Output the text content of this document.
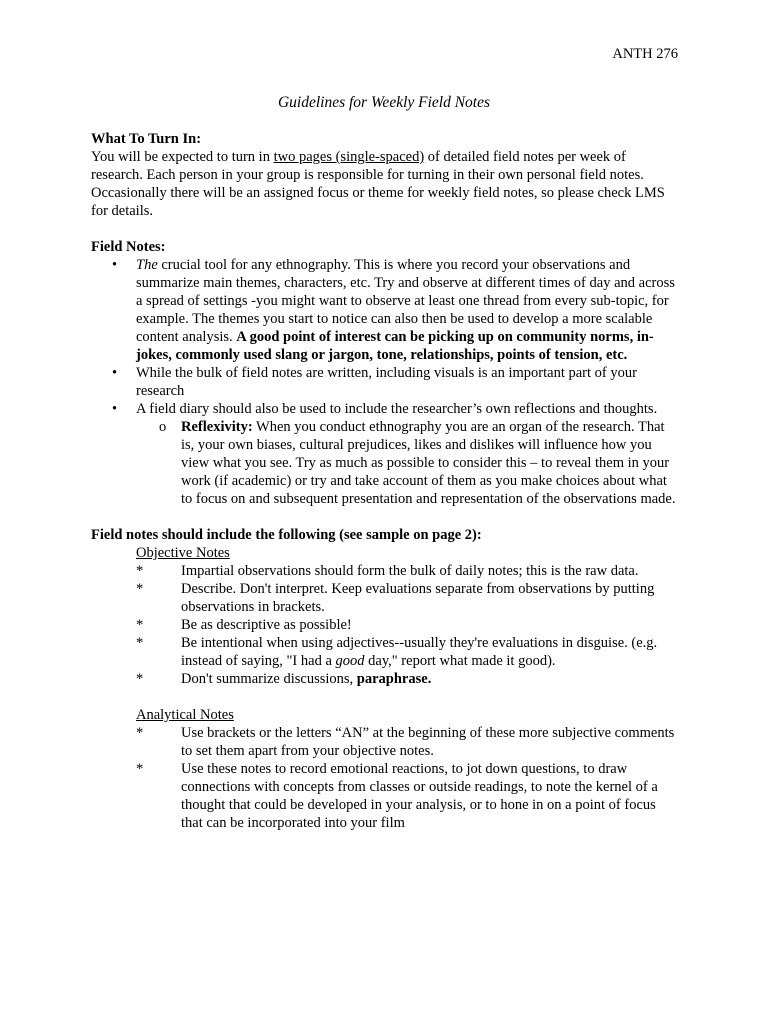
ANTH 276
Guidelines for Weekly Field Notes

What To Turn In:

You will be expected to turn in two pages (single-spaced) of detailed field notes per week of research. Each person in your group is responsible for turning in their own personal field notes. Occasionally there will be an assigned focus or theme for weekly field notes, so please check LMS for details.

Field Notes:

• The crucial tool for any ethnography. This is where you record your observations and summarize main themes, characters, etc. Try and observe at different times of day and across a spread of settings -you might want to observe at least one thread from every sub-topic, for example. The themes you start to notice can also then be used to develop a more scalable content analysis. A good point of interest can be picking up on community norms, in-jokes, commonly used slang or jargon, tone, relationships, points of tension, etc.
• While the bulk of field notes are written, including visuals is an important part of your research
• A field diary should also be used to include the researcher’s own reflections and thoughts.
o Reflexivity: When you conduct ethnography you are an organ of the research. That is, your own biases, cultural prejudices, likes and dislikes will influence how you view what you see. Try as much as possible to consider this – to reveal them in your work (if academic) or try and take account of them as you make choices about what to focus on and subsequent presentation and representation of the observations made.

Field notes should include the following (see sample on page 2):

Objective Notes
*	Impartial observations should form the bulk of daily notes; this is the raw data.
*	Describe. Don't interpret. Keep evaluations separate from observations by putting observations in brackets.
*	Be as descriptive as possible!
*	Be intentional when using adjectives--usually they're evaluations in disguise. (e.g. instead of saying, "I had a good day," report what made it good).
*	Don't summarize discussions, paraphrase.
Analytical Notes
*	Use brackets or the letters “AN” at the beginning of these more subjective comments to set them apart from your objective notes.
*	Use these notes to record emotional reactions, to jot down questions, to draw connections with concepts from classes or outside readings, to note the kernel of a thought that could be developed in your analysis, or to hone in on a point of focus that can be incorporated into your film
